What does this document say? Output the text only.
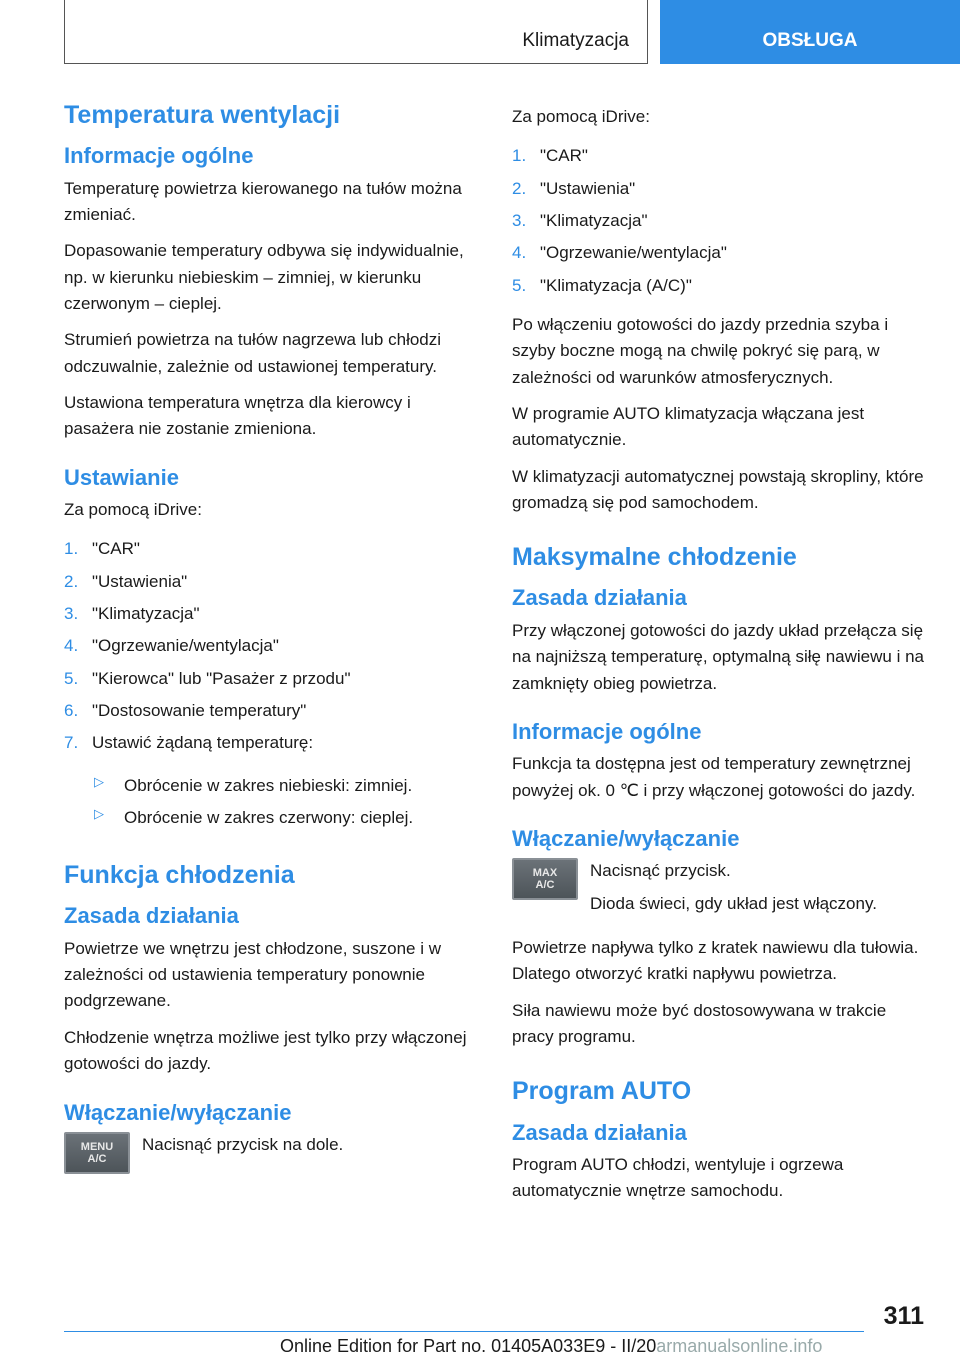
Klimatyzacja	OBSŁUGA
Temperatura wentylacji
Informacje ogólne

Temperaturę powietrza kierowanego na tułów można zmieniać.

Dopasowanie temperatury odbywa się indywidualnie, np. w kierunku niebieskim – zimniej, w kierunku czerwonym – cieplej.

Strumień powietrza na tułów nagrzewa lub chłodzi odczuwalnie, zależnie od ustawionej temperatury.

Ustawiona temperatura wnętrza dla kierowcy i pasażera nie zostanie zmieniona.

Ustawianie

Za pomocą iDrive:

1. "CAR"
2. "Ustawienia"
3. "Klimatyzacja"
4. "Ogrzewanie/wentylacja"
5. "Kierowca" lub "Pasażer z przodu"
6. "Dostosowanie temperatury"
7. Ustawić żądaną temperaturę:
▷	Obrócenie w zakres niebieski: zimniej.
▷	Obrócenie w zakres czerwony: cieplej.
Funkcja chłodzenia
Zasada działania

Powietrze we wnętrzu jest chłodzone, suszone i w zależności od ustawienia temperatury ponownie podgrzewane.

Chłodzenie wnętrza możliwe jest tylko przy włączonej gotowości do jazdy.

Włączanie/wyłączanie
MENU
A/C

Nacisnąć przycisk na dole.

Za pomocą iDrive:

1. "CAR"
2. "Ustawienia"
3. "Klimatyzacja"
4. "Ogrzewanie/wentylacja"
5. "Klimatyzacja (A/C)"

Po włączeniu gotowości do jazdy przednia szyba i szyby boczne mogą na chwilę pokryć się parą, w zależności od warunków atmosferycznych.

W programie AUTO klimatyzacja włączana jest automatycznie.

W klimatyzacji automatycznej powstają skropliny, które gromadzą się pod samochodem.

Maksymalne chłodzenie
Zasada działania

Przy włączonej gotowości do jazdy układ przełącza się na najniższą temperaturę, optymalną siłę nawiewu i na zamknięty obieg powietrza.

Informacje ogólne

Funkcja ta dostępna jest od temperatury zewnętrznej powyżej ok. 0 ℃ i przy włączonej gotowości do jazdy.

Włączanie/wyłączanie
MAX
A/C

Nacisnąć przycisk.

Dioda świeci, gdy układ jest włączony.

Powietrze napływa tylko z kratek nawiewu dla tułowia. Dlatego otworzyć kratki napływu powietrza.

Siła nawiewu może być dostosowywana w trakcie pracy programu.

Program AUTO
Zasada działania

Program AUTO chłodzi, wentyluje i ogrzewa automatycznie wnętrze samochodu.

311
Online Edition for Part no. 01405A033E9 - II/20armanualsonline.info
